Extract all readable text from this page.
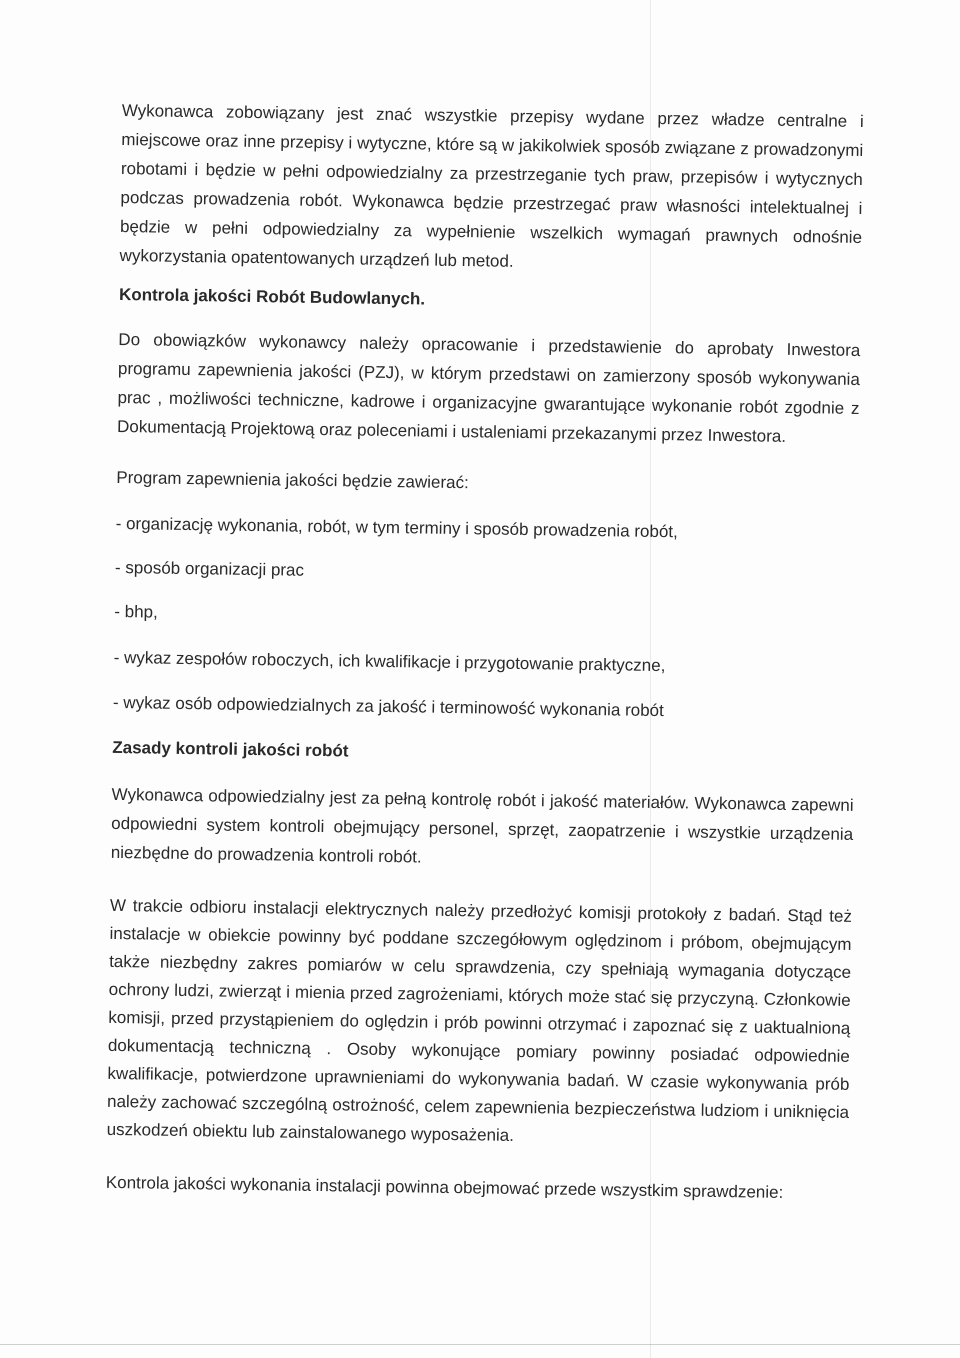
Wykonawca zobowiązany jest znać wszystkie przepisy wydane przez władze centralne i miejscowe oraz inne przepisy i wytyczne, które są w jakikolwiek sposób związane z prowadzonymi robotami i będzie w pełni odpowiedzialny za przestrzeganie tych praw, przepisów i wytycznych podczas prowadzenia robót. Wykonawca będzie przestrzegać praw własności intelektualnej i będzie w pełni odpowiedzialny za wypełnienie wszelkich wymagań prawnych odnośnie wykorzystania opatentowanych urządzeń lub metod.

Kontrola jakości Robót Budowlanych.

Do obowiązków wykonawcy należy opracowanie i przedstawienie do aprobaty Inwestora programu zapewnienia jakości (PZJ), w którym przedstawi on zamierzony sposób wykonywania prac , możliwości techniczne, kadrowe i organizacyjne gwarantujące wykonanie robót zgodnie z Dokumentacją Projektową oraz poleceniami i ustaleniami przekazanymi przez Inwestora.

Program zapewnienia jakości będzie zawierać:

- organizację wykonania, robót, w tym terminy i sposób prowadzenia robót,

- sposób organizacji prac

- bhp,

- wykaz zespołów roboczych, ich kwalifikacje i przygotowanie praktyczne,

- wykaz osób odpowiedzialnych za jakość i terminowość wykonania robót

Zasady kontroli jakości robót

Wykonawca odpowiedzialny jest za pełną kontrolę robót i jakość materiałów. Wykonawca zapewni odpowiedni system kontroli obejmujący personel, sprzęt, zaopatrzenie i wszystkie urządzenia niezbędne do prowadzenia kontroli robót.

W trakcie odbioru instalacji elektrycznych należy przedłożyć komisji protokoły z badań. Stąd też instalacje w obiekcie powinny być poddane szczegółowym oględzinom i próbom, obejmującym także niezbędny zakres pomiarów w celu sprawdzenia, czy spełniają wymagania dotyczące ochrony ludzi, zwierząt i mienia przed zagrożeniami, których może stać się przyczyną. Członkowie komisji, przed przystąpieniem do oględzin i prób powinni otrzymać i zapoznać się z uaktualnioną dokumentacją techniczną . Osoby wykonujące pomiary powinny posiadać odpowiednie kwalifikacje, potwierdzone uprawnieniami do wykonywania badań. W czasie wykonywania prób należy zachować szczególną ostrożność, celem zapewnienia bezpieczeństwa ludziom i uniknięcia uszkodzeń obiektu lub zainstalowanego wyposażenia.

Kontrola jakości wykonania instalacji powinna obejmować przede wszystkim sprawdzenie:
